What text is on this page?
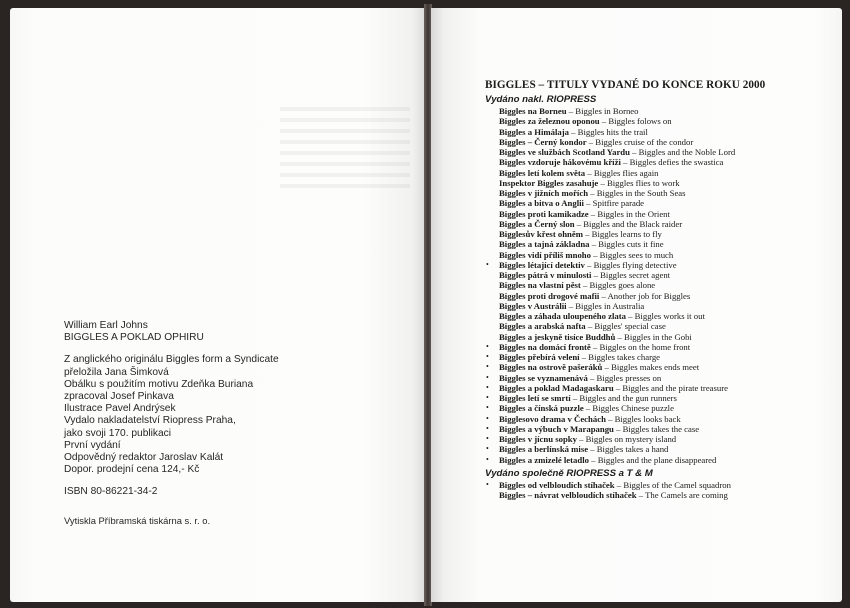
William Earl Johns
BIGGLES A POKLAD OPHIRU
Z anglického originálu Biggles form a Syndicate
přeložila Jana Šimková
Obálku s použitím motivu Zdeňka Buriana
zpracoval Josef Pinkava
Ilustrace Pavel Andrýsek
Vydalo nakladatelství Riopress Praha,
jako svoji 170. publikaci
První vydání
Odpovědný redaktor Jaroslav Kalát
Dopor. prodejní cena 124,- Kč
ISBN 80-86221-34-2
Vytiskla Příbramská tiskárna s. r. o.
BIGGLES – TITULY VYDANÉ DO KONCE ROKU 2000
Vydáno nakl. RIOPRESS
Biggles na Borneu – Biggles in Borneo
Biggles za železnou oponou – Biggles folows on
Biggles a Himálaja – Biggles hits the trail
Biggles – Černý kondor – Biggles cruise of the condor
Biggles ve službách Scotland Yardu – Biggles and the Noble Lord
Biggles vzdoruje hákovému kříži – Biggles defies the swastica
Biggles letí kolem světa – Biggles flies again
Inspektor Biggles zasahuje – Biggles flies to work
Biggles v jižních mořích – Biggles in the South Seas
Biggles a bitva o Anglii – Spitfire parade
Biggles proti kamikadze – Biggles in the Orient
Biggles a Černý slon – Biggles and the Black raider
Bigglesův křest ohněm – Biggles learns to fly
Biggles a tajná základna – Biggles cuts it fine
Biggles vidí příliš mnoho – Biggles sees to much
• Biggles létající detektiv – Biggles flying detective
Biggles pátrá v minulosti – Biggles secret agent
Biggles na vlastní pěst – Biggles goes alone
Biggles proti drogové mafii – Another job for Biggles
Biggles v Austrálii – Biggles in Australia
Biggles a záhada uloupeného zlata – Biggles works it out
Biggles a arabská nafta – Biggles' special case
Biggles a jeskyně tisíce Buddhů – Biggles in the Gobi
• Biggles na domácí frontě – Biggles on the home front
• Biggles přebírá velení – Biggles takes charge
• Biggles na ostrově pašeráků – Biggles makes ends meet
• Biggles se vyznamenává – Biggles presses on
• Biggles a poklad Madagaskaru – Biggles and the pirate treasure
• Biggles letí se smrtí – Biggles and the gun runners
• Biggles a čínská puzzle – Biggles Chinese puzzle
• Bigglesovo drama v Čechách – Biggles looks back
• Biggles a výbuch v Marapangu – Biggles takes the case
• Biggles v jícnu sopky – Biggles on mystery island
• Biggles a berlínská mise – Biggles takes a hand
• Biggles a zmizelé letadlo – Biggles and the plane disappeared
Vydáno společně RIOPRESS a T & M
• Biggles od velbloudích stíhaček – Biggles of the Camel squadron
Biggles – návrat velbloudích stíhaček – The Camels are coming
